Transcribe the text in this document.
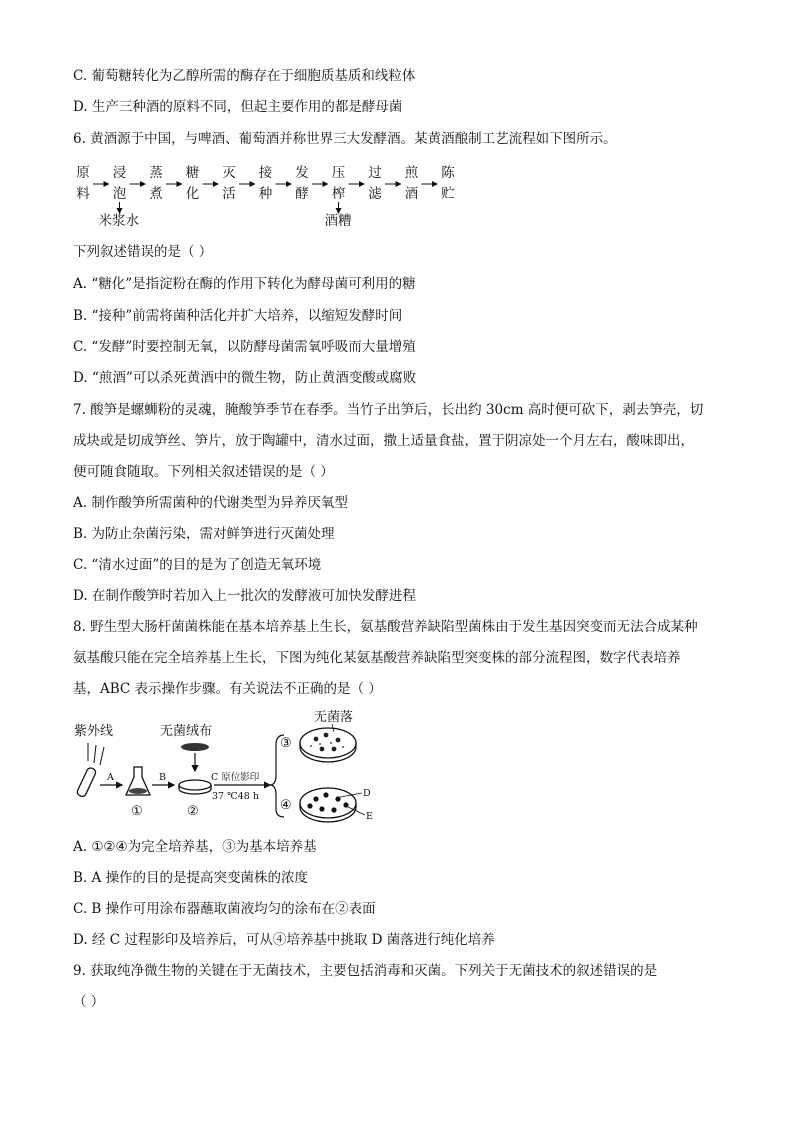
C. 葡萄糖转化为乙醇所需的酶存在于细胞质基质和线粒体
D. 生产三种酒的原料不同，但起主要作用的都是酵母菌
6. 黄酒源于中国，与啤酒、葡萄酒并称世界三大发酵酒。某黄酒酿制工艺流程如下图所示。
原
料
浸
泡
蒸
煮
糖
化
灭
活
接
种
发
酵
压
榨
过
滤
煎
酒
陈
贮
米浆水	酒糟
下列叙述错误的是（ ）
A. “糖化”是指淀粉在酶的作用下转化为酵母菌可利用的糖
B. “接种”前需将菌种活化并扩大培养，以缩短发酵时间
C. “发酵”时要控制无氧，以防酵母菌需氧呼吸而大量增殖
D. “煎酒”可以杀死黄酒中的微生物，防止黄酒变酸或腐败
7. 酸笋是螺蛳粉的灵魂，腌酸笋季节在春季。当竹子出笋后，长出约 30cm 高时便可砍下，剥去笋壳，切
成块或是切成笋丝、笋片，放于陶罐中，清水过面，撒上适量食盐，置于阴凉处一个月左右，酸味即出，
便可随食随取。下列相关叙述错误的是（ ）
A. 制作酸笋所需菌种的代谢类型为异养厌氧型
B. 为防止杂菌污染，需对鲜笋进行灭菌处理
C. “清水过面”的目的是为了创造无氧环境
D. 在制作酸笋时若加入上一批次的发酵液可加快发酵进程
8. 野生型大肠杆菌菌株能在基本培养基上生长，氨基酸营养缺陷型菌株由于发生基因突变而无法合成某种
氨基酸只能在完全培养基上生长，下图为纯化某氨基酸营养缺陷型突变株的部分流程图，数字代表培养
基，ABC 表示操作步骤。有关说法不正确的是（ ）
紫外线	无菌绒布
无菌落
A
①
B
②
C 原位影印
37 ℃48 h
③
④
D
E
A. ①②④为完全培养基，③为基本培养基
B. A 操作的目的是提高突变菌株的浓度
C. B 操作可用涂布器蘸取菌液均匀的涂布在②表面
D. 经 C 过程影印及培养后，可从④培养基中挑取 D 菌落进行纯化培养
9. 获取纯净微生物的关键在于无菌技术，主要包括消毒和灭菌。下列关于无菌技术的叙述错误的是
（ ）
